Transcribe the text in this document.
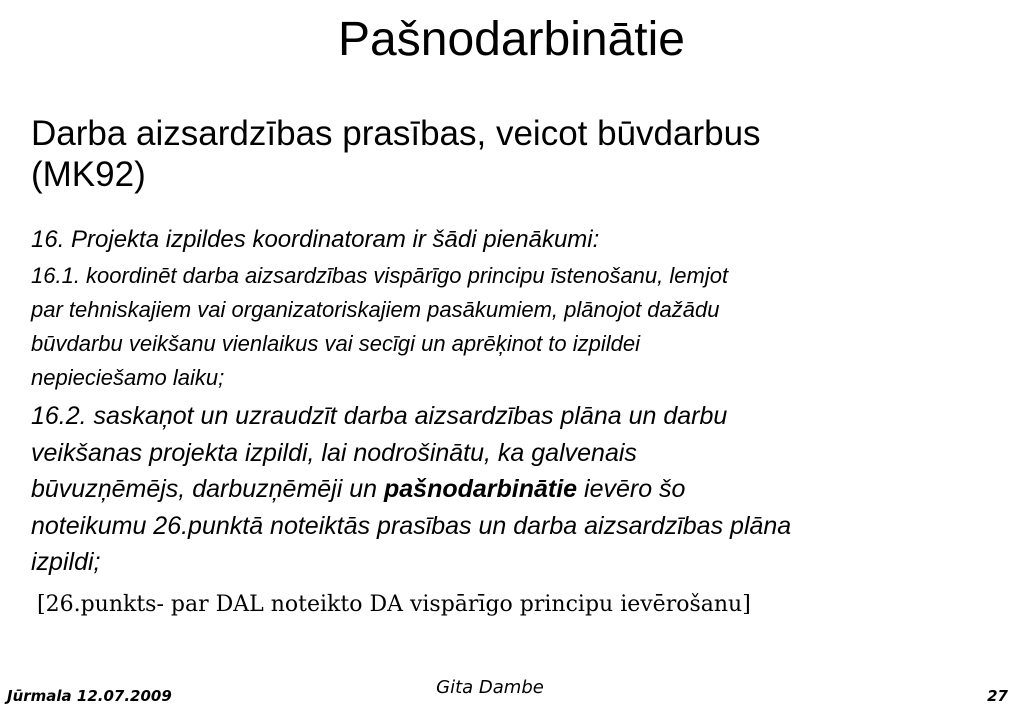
Pašnodarbinātie
Darba aizsardzības prasības, veicot būvdarbus
(MK92)
16. Projekta izpildes koordinatoram ir šādi pienākumi:
16.1. koordinēt darba aizsardzības vispārīgo principu īstenošanu, lemjot
par tehniskajiem vai organizatoriskajiem pasākumiem, plānojot dažādu
būvdarbu veikšanu vienlaikus vai secīgi un aprēķinot to izpildei
nepieciešamo laiku;
16.2. saskaņot un uzraudzīt darba aizsardzības plāna un darbu
veikšanas projekta izpildi, lai nodrošinātu, ka galvenais
būvuzņēmējs, darbuzņēmēji un pašnodarbinātie ievēro šo
noteikumu 26.punktā noteiktās prasības un darba aizsardzības plāna
izpildi;
[26.punkts- par DAL noteikto DA vispārīgo principu ievērošanu]
Gita Dambe
Jūrmala 12.07.2009	27
